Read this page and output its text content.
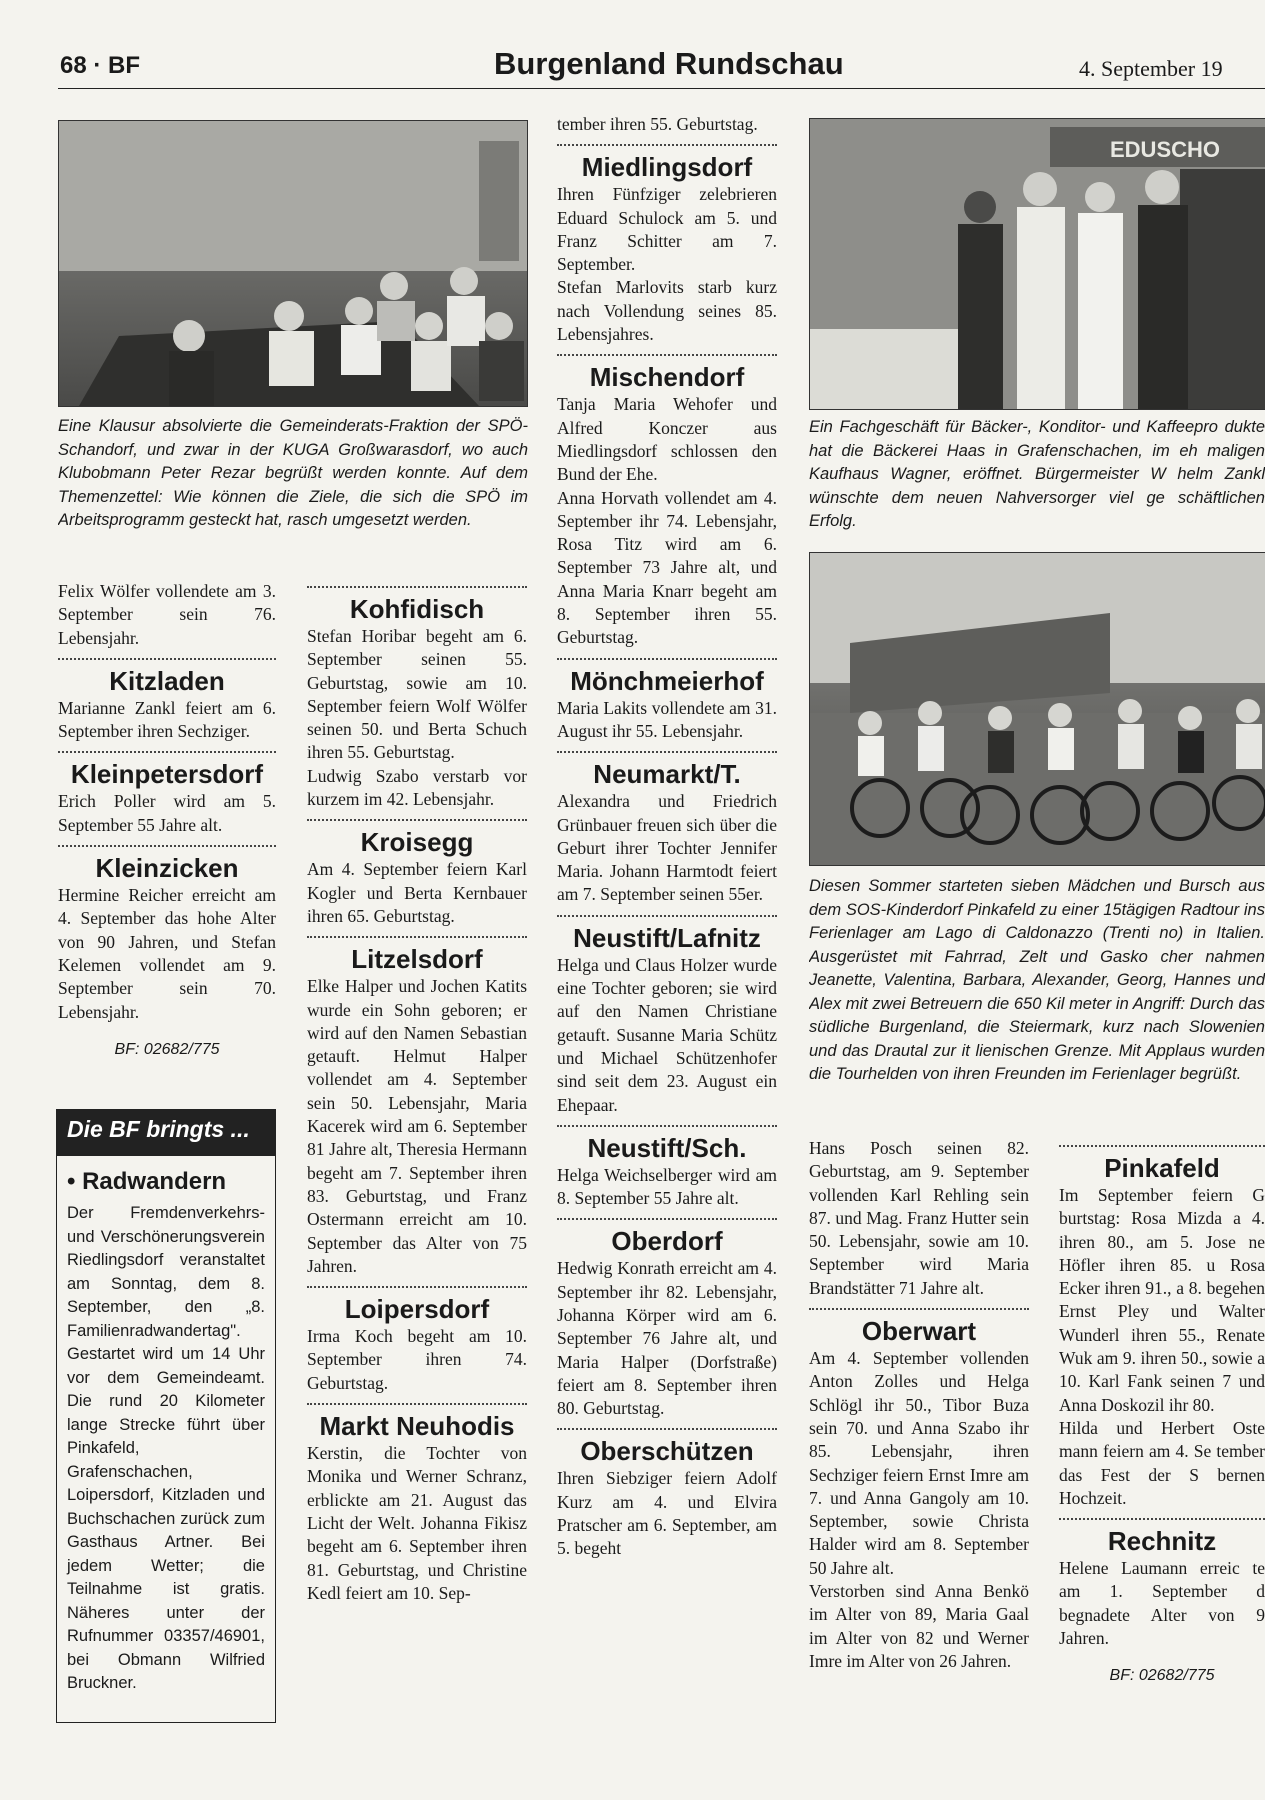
68 · BF	Burgenland Rundschau	4. September 19

Eine Klausur absolvierte die Gemeinderats-Fraktion der SPÖ-Schandorf, und zwar in der KUGA Großwarasdorf, wo auch Klubobmann Peter Rezar begrüßt werden konnte. Auf dem Themenzettel: Wie können die Ziele, die sich die SPÖ im Arbeitsprogramm gesteckt hat, rasch umgesetzt werden.

Felix Wölfer vollendete am 3. September sein 76. Lebensjahr.

Kitzladen

Marianne Zankl feiert am 6. September ihren Sechziger.

Kleinpetersdorf

Erich Poller wird am 5. September 55 Jahre alt.

Kleinzicken

Hermine Reicher erreicht am 4. September das hohe Alter von 90 Jahren, und Stefan Kelemen vollendet am 9. September sein 70. Lebensjahr.

BF: 02682/775
Die BF bringts ...
• Radwandern

Der Fremdenverkehrs- und Verschönerungsverein Riedlingsdorf veranstaltet am Sonntag, dem 8. September, den „8. Familienradwandertag". Gestartet wird um 14 Uhr vor dem Gemeindeamt. Die rund 20 Kilometer lange Strecke führt über Pinkafeld, Grafenschachen, Loipersdorf, Kitzladen und Buchschachen zurück zum Gasthaus Artner. Bei jedem Wetter; die Teilnahme ist gratis. Näheres unter der Rufnummer 03357/46901, bei Obmann Wilfried Bruckner.

Kohfidisch

Stefan Horibar begeht am 6. September seinen 55. Geburtstag, sowie am 10. September feiern Wolf Wölfer seinen 50. und Berta Schuch ihren 55. Geburtstag.

Ludwig Szabo verstarb vor kurzem im 42. Lebensjahr.

Kroisegg

Am 4. September feiern Karl Kogler und Berta Kernbauer ihren 65. Geburtstag.

Litzelsdorf

Elke Halper und Jochen Katits wurde ein Sohn geboren; er wird auf den Namen Sebastian getauft. Helmut Halper vollendet am 4. September sein 50. Lebensjahr, Maria Kacerek wird am 6. September 81 Jahre alt, Theresia Hermann begeht am 7. September ihren 83. Geburtstag, und Franz Ostermann erreicht am 10. September das Alter von 75 Jahren.

Loipersdorf

Irma Koch begeht am 10. September ihren 74. Geburtstag.

Markt Neuhodis

Kerstin, die Tochter von Monika und Werner Schranz, erblickte am 21. August das Licht der Welt. Johanna Fikisz begeht am 6. September ihren 81. Geburtstag, und Christine Kedl feiert am 10. Sep-

tember ihren 55. Geburtstag.

Miedlingsdorf

Ihren Fünfziger zelebrieren Eduard Schulock am 5. und Franz Schitter am 7. September.

Stefan Marlovits starb kurz nach Vollendung seines 85. Lebensjahres.

Mischendorf

Tanja Maria Wehofer und Alfred Konczer aus Miedlingsdorf schlossen den Bund der Ehe.

Anna Horvath vollendet am 4. September ihr 74. Lebensjahr, Rosa Titz wird am 6. September 73 Jahre alt, und Anna Maria Knarr begeht am 8. September ihren 55. Geburtstag.

Mönchmeierhof

Maria Lakits vollendete am 31. August ihr 55. Lebensjahr.

Neumarkt/T.

Alexandra und Friedrich Grünbauer freuen sich über die Geburt ihrer Tochter Jennifer Maria. Johann Harmtodt feiert am 7. September seinen 55er.

Neustift/Lafnitz

Helga und Claus Holzer wurde eine Tochter geboren; sie wird auf den Namen Christiane getauft. Susanne Maria Schütz und Michael Schützenhofer sind seit dem 23. August ein Ehepaar.

Neustift/Sch.

Helga Weichselberger wird am 8. September 55 Jahre alt.

Oberdorf

Hedwig Konrath erreicht am 4. September ihr 82. Lebensjahr, Johanna Körper wird am 6. September 76 Jahre alt, und Maria Halper (Dorfstraße) feiert am 8. September ihren 80. Geburtstag.

Oberschützen

Ihren Siebziger feiern Adolf Kurz am 4. und Elvira Pratscher am 6. September, am 5. begeht

EDUSCHO

Ein Fachgeschäft für Bäcker-, Konditor- und Kaffeepro dukte hat die Bäckerei Haas in Grafenschachen, im eh maligen Kaufhaus Wagner, eröffnet. Bürgermeister W helm Zankl wünschte dem neuen Nahversorger viel ge schäftlichen Erfolg.

Diesen Sommer starteten sieben Mädchen und Bursch aus dem SOS-Kinderdorf Pinkafeld zu einer 15tägigen Radtour ins Ferienlager am Lago di Caldonazzo (Trenti no) in Italien. Ausgerüstet mit Fahrrad, Zelt und Gasko cher nahmen Jeanette, Valentina, Barbara, Alexander, Georg, Hannes und Alex mit zwei Betreuern die 650 Kil meter in Angriff: Durch das südliche Burgenland, die Steiermark, kurz nach Slowenien und das Drautal zur it lienischen Grenze. Mit Applaus wurden die Tourhelden von ihren Freunden im Ferienlager begrüßt.

Hans Posch seinen 82. Geburtstag, am 9. September vollenden Karl Rehling sein 87. und Mag. Franz Hutter sein 50. Lebensjahr, sowie am 10. September wird Maria Brandstätter 71 Jahre alt.

Oberwart

Am 4. September vollenden Anton Zolles und Helga Schlögl ihr 50., Tibor Buza sein 70. und Anna Szabo ihr 85. Lebensjahr, ihren Sechziger feiern Ernst Imre am 7. und Anna Gangoly am 10. September, sowie Christa Halder wird am 8. September 50 Jahre alt.

Verstorben sind Anna Benkö im Alter von 89, Maria Gaal im Alter von 82 und Werner Imre im Alter von 26 Jahren.

Pinkafeld

Im September feiern G burtstag: Rosa Mizda a 4. ihren 80., am 5. Jose ne Höfler ihren 85. u Rosa Ecker ihren 91., a 8. begehen Ernst Pley und Walter Wunderl ihren 55., Renate Wuk am 9. ihren 50., sowie a 10. Karl Fank seinen 7 und Anna Doskozil ihr 80.

Hilda und Herbert Oste mann feiern am 4. Se tember das Fest der S bernen Hochzeit.

Rechnitz

Helene Laumann erreic te am 1. September d begnadete Alter von 9 Jahren.

BF: 02682/775
